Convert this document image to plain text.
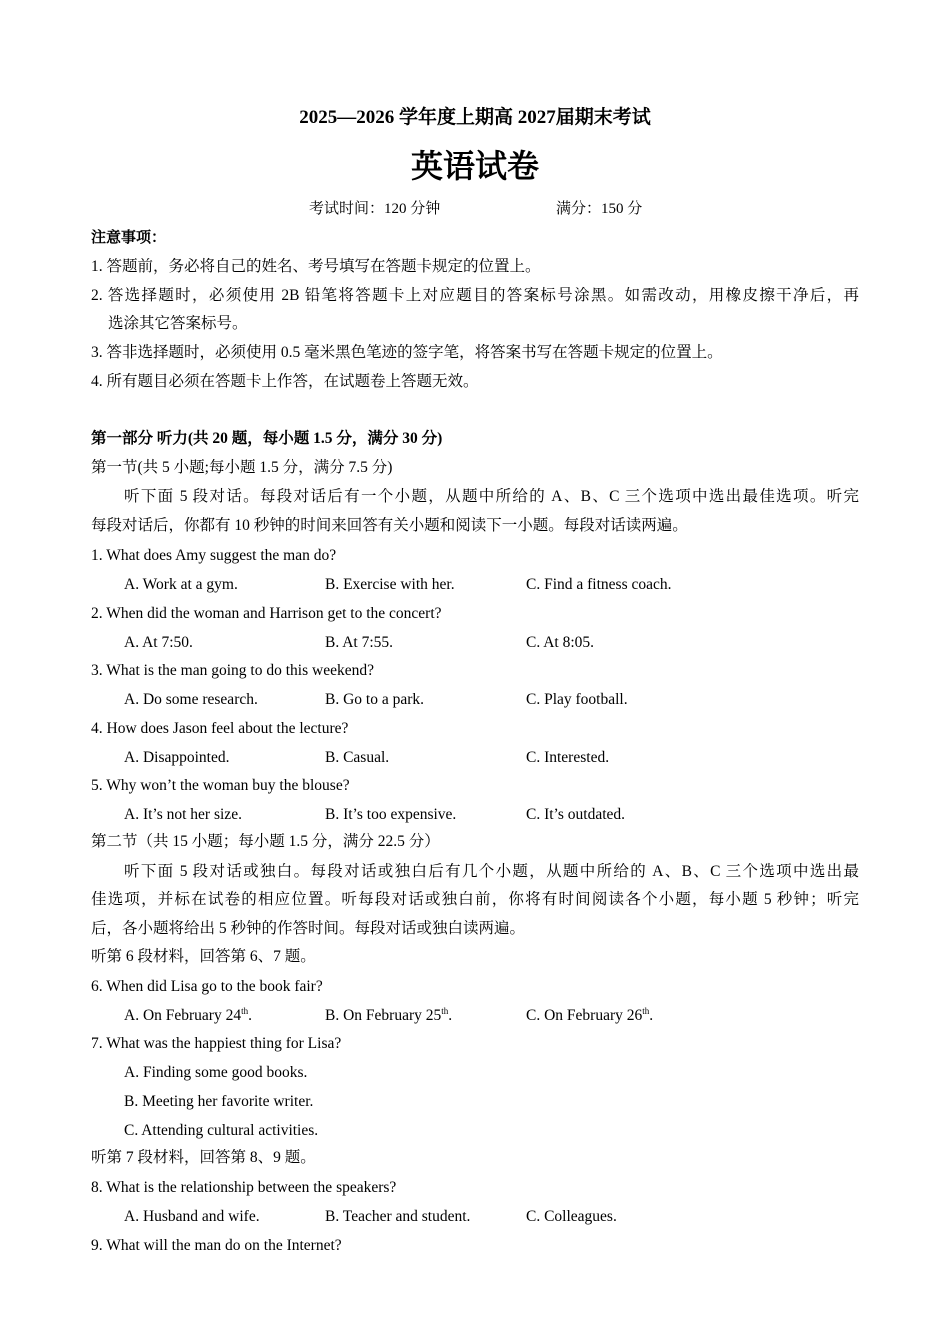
2025—2026 学年度上期高 2027届期末考试
英语试卷
考试时间：120 分钟	满分：150 分
注意事项：
1. 答题前，务必将自己的姓名、考号填写在答题卡规定的位置上。
2. 答选择题时，必须使用 2B 铅笔将答题卡上对应题目的答案标号涂黑。如需改动，用橡皮擦干净后，再
选涂其它答案标号。
3. 答非选择题时，必须使用 0.5 毫米黑色笔迹的签字笔，将答案书写在答题卡规定的位置上。
4. 所有题目必须在答题卡上作答，在试题卷上答题无效。
第一部分 听力(共 20 题，每小题 1.5 分，满分 30 分)
第一节(共 5 小题;每小题 1.5 分，满分 7.5 分)
听下面 5 段对话。每段对话后有一个小题，从题中所给的 A、B、C 三个选项中选出最佳选项。听完
每段对话后，你都有 10 秒钟的时间来回答有关小题和阅读下一小题。每段对话读两遍。
1. What does Amy suggest the man do?
A. Work at a gym.	B. Exercise with her.	C. Find a fitness coach.
2. When did the woman and Harrison get to the concert?
A. At 7:50.	B. At 7:55.	C. At 8:05.
3. What is the man going to do this weekend?
A. Do some research.	B. Go to a park.	C. Play football.
4. How does Jason feel about the lecture?
A. Disappointed.	B. Casual.	C. Interested.
5. Why won’t the woman buy the blouse?
A. It’s not her size.	B. It’s too expensive.	C. It’s outdated.
第二节（共 15 小题；每小题 1.5 分，满分 22.5 分）
听下面 5 段对话或独白。每段对话或独白后有几个小题，从题中所给的 A、B、C 三个选项中选出最
佳选项，并标在试卷的相应位置。听每段对话或独白前，你将有时间阅读各个小题，每小题 5 秒钟；听完
后，各小题将给出 5 秒钟的作答时间。每段对话或独白读两遍。
听第 6 段材料，回答第 6、7 题。
6. When did Lisa go to the book fair?
A. On February 24th.	B. On February 25th.	C. On February 26th.
7. What was the happiest thing for Lisa?
A. Finding some good books.
B. Meeting her favorite writer.
C. Attending cultural activities.
听第 7 段材料，回答第 8、9 题。
8. What is the relationship between the speakers?
A. Husband and wife.	B. Teacher and student.	C. Colleagues.
9. What will the man do on the Internet?
